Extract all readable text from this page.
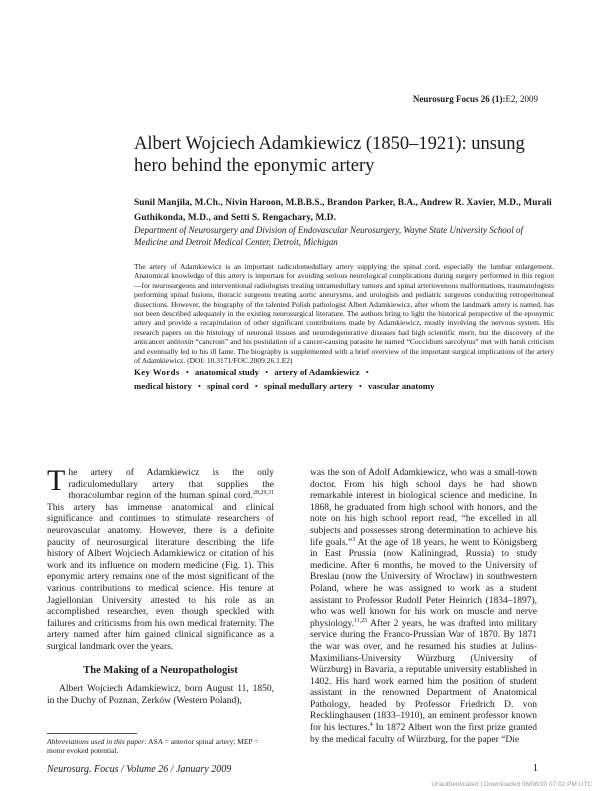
Neurosurg Focus 26 (1):E2, 2009
Albert Wojciech Adamkiewicz (1850–1921): unsung hero behind the eponymic artery

Sunil Manjila, M.Ch., Nivin Haroon, M.B.B.S., Brandon Parker, B.A., Andrew R. Xavier, M.D., Murali Guthikonda, M.D., and Setti S. Rengachary, M.D.

Department of Neurosurgery and Division of Endovascular Neurosurgery, Wayne State University School of Medicine and Detroit Medical Center, Detroit, Michigan

The artery of Adamkiewicz is an important radiculomedullary artery supplying the spinal cord, especially the lumbar enlargement. Anatomical knowledge of this artery is important for avoiding serious neurological complications during surgery performed in this region—for neurosurgeons and interventional radiologists treating intramedullary tumors and spinal arteriovenous malformations, traumatologists performing spinal fusions, thoracic surgeons treating aortic aneurysms, and urologists and pediatric surgeons conducting retroperitoneal dissections. However, the biography of the talented Polish pathologist Albert Adamkiewicz, after whom the landmark artery is named, has not been described adequately in the existing neurosurgical literature. The authors bring to light the historical perspective of the eponymic artery and provide a recapitulation of other significant contributions made by Adamkiewicz, mostly involving the nervous system. His research papers on the histology of neuronal tissues and neurodegenerative diseases had high scientific merit, but the discovery of the anticancer antitoxin “cancroin” and his postulation of a cancer-causing parasite he named “Coccidium sarcolytus” met with harsh criticism and eventually led to his ill fame. The biography is supplemented with a brief overview of the important surgical implications of the artery of Adamkiewicz. (DOI: 10.3171/FOC.2009.26.1.E2)

Key Words • anatomical study • artery of Adamkiewicz •
medical history • spinal cord • spinal medullary artery • vascular anatomy

The artery of Adamkiewicz is the only radiculomedullary artery that supplies the thoracolumbar region of the human spinal cord.$^{28,29,31}$ This artery has immense anatomical and clinical significance and continues to stimulate researchers of neurovascular anatomy. However, there is a definite paucity of neurosurgical literature describing the life history of Albert Wojciech Adamkiewicz or citation of his work and its influence on modern medicine (Fig. 1). This eponymic artery remains one of the most significant of the various contributions to medical science. His tenure at Jagiellonian University attested to his role as an accomplished researcher, even though speckled with failures and criticisms from his own medical fraternity. The artery named after him gained clinical significance as a surgical landmark over the years.

The Making of a Neuropathologist

Albert Wojciech Adamkiewicz, born August 11, 1850, in the Duchy of Poznan, Zerków (Western Poland),

was the son of Adolf Adamkiewicz, who was a small-town doctor. From his high school days he had shown remarkable interest in biological science and medicine. In 1868, he graduated from high school with honors, and the note on his high school report read, “he excelled in all subjects and possesses strong determination to achieve his life goals.”$^3$ At the age of 18 years, he went to Königsberg in East Prussia (now Kaliningrad, Russia) to study medicine. After 6 months, he moved to the University of Breslau (now the University of Wroclaw) in southwestern Poland, where he was assigned to work as a student assistant to Professor Rudolf Peter Heinrich (1834–1897), who was well known for his work on muscle and nerve physiology.$^{11,25}$ After 2 years, he was drafted into military service during the Franco-Prussian War of 1870. By 1871 the war was over, and he resumed his studies at Julius-Maximilians-University Würzburg (University of Würzburg) in Bavaria, a reputable university established in 1402. His hard work earned him the position of student assistant in the renowned Department of Anatomical Pathology, headed by Professor Friedrich D. von Recklinghausen (1833–1910), an eminent professor known for his lectures.$^4$ In 1872 Albert won the first prize granted by the medical faculty of Würzburg, for the paper “Die

Abbreviations used in this paper: ASA = anterior spinal artery; MEP = motor evoked potential.

Neurosurg. Focus / Volume 26 / January 2009	1
Unauthenticated | Downloaded 06/08/20 07:02 PM UTC
